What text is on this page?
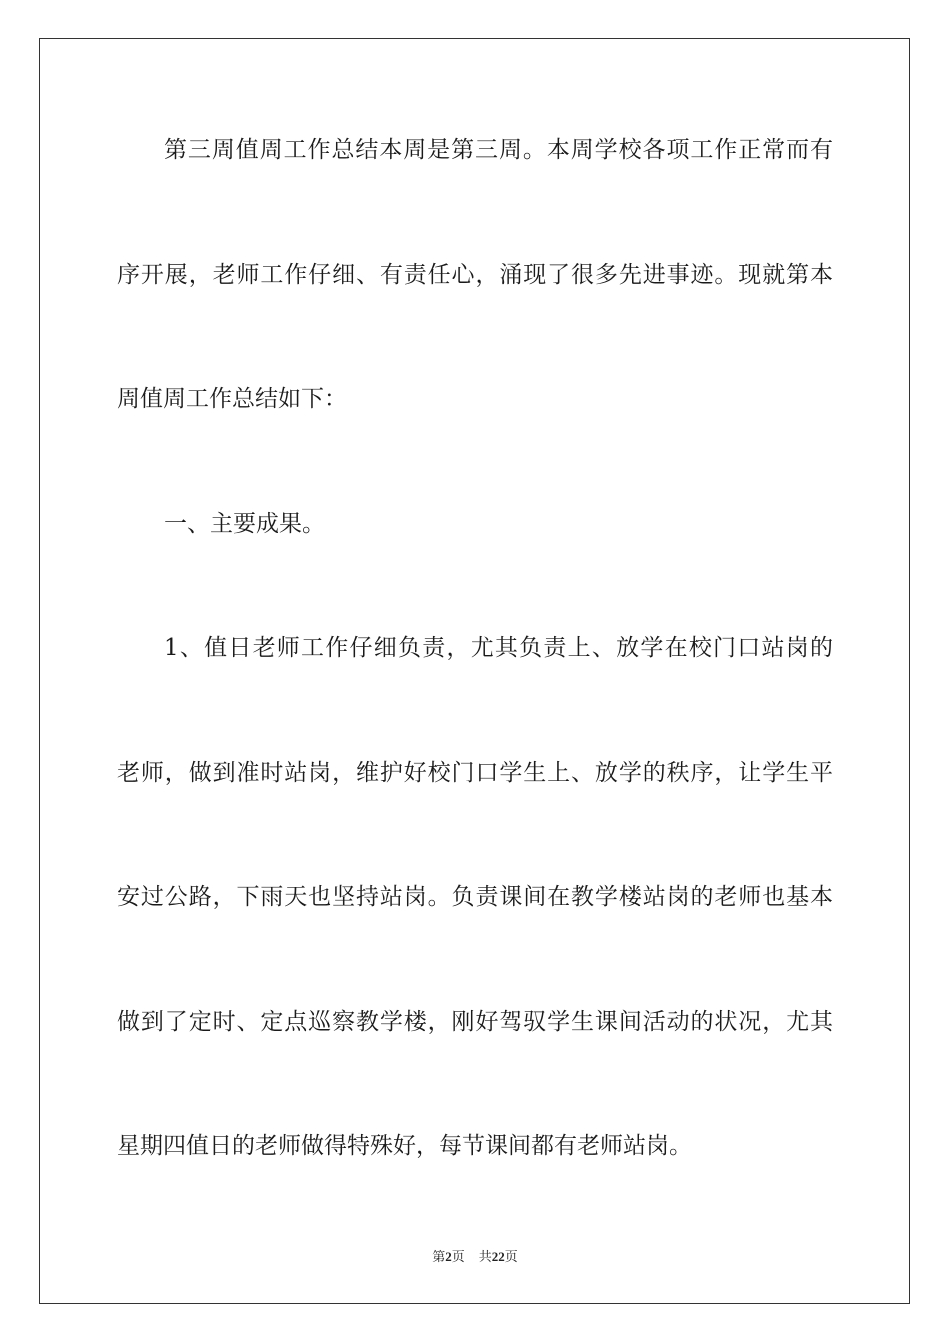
第三周值周工作总结本周是第三周。本周学校各项工作正常而有
序开展，老师工作仔细、有责任心，涌现了很多先进事迹。现就第本
周值周工作总结如下：
一、主要成果。
1、值日老师工作仔细负责，尤其负责上、放学在校门口站岗的
老师，做到准时站岗，维护好校门口学生上、放学的秩序，让学生平
安过公路，下雨天也坚持站岗。负责课间在教学楼站岗的老师也基本
做到了定时、定点巡察教学楼，刚好驾驭学生课间活动的状况，尤其
星期四值日的老师做得特殊好，每节课间都有老师站岗。
第2页 共22页
